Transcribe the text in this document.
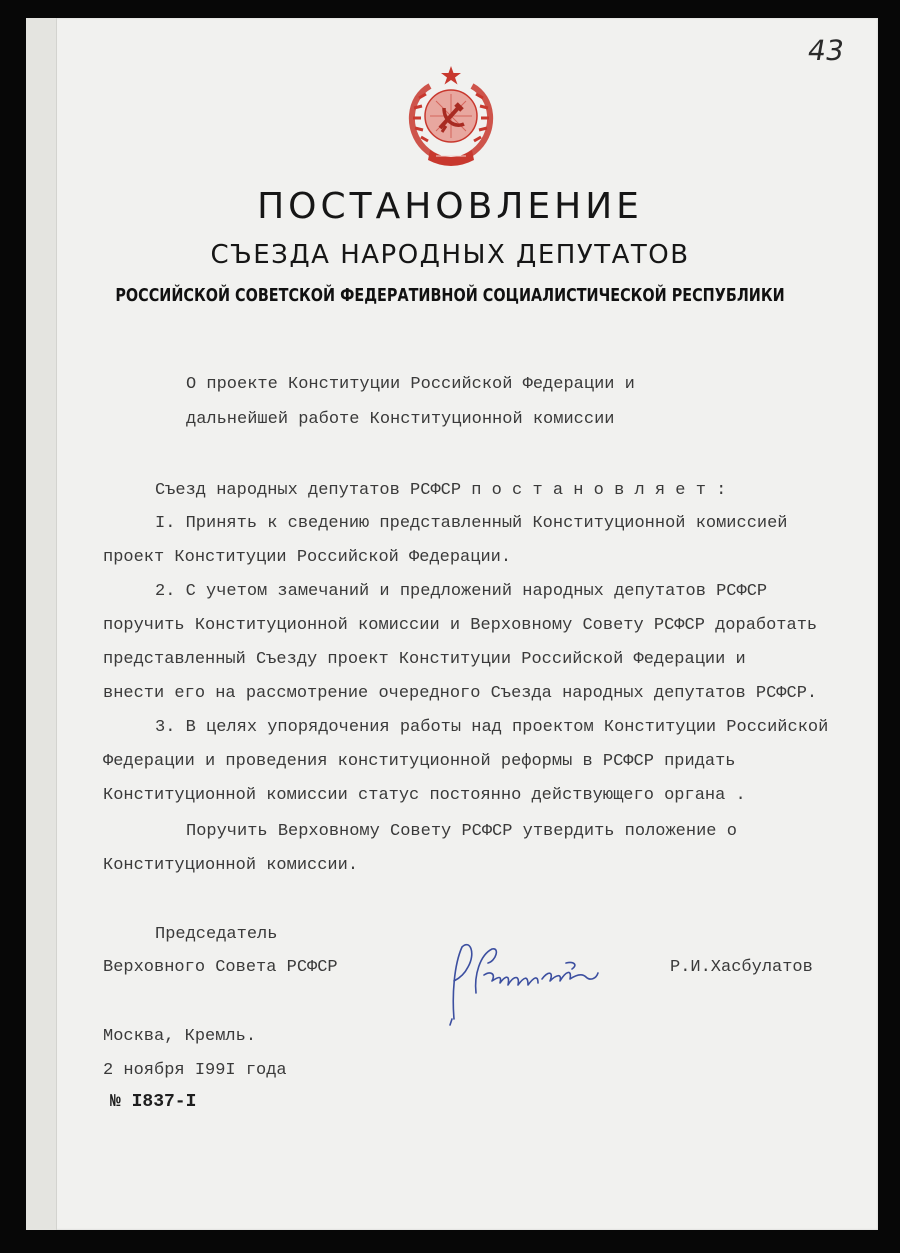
43
ПОСТАНОВЛЕНИЕ
СЪЕЗДА НАРОДНЫХ ДЕПУТАТОВ
РОССИЙСКОЙ СОВЕТСКОЙ ФЕДЕРАТИВНОЙ СОЦИАЛИСТИЧЕСКОЙ РЕСПУБЛИКИ
О проекте Конституции Российской Федерации и
дальнейшей работе Конституционной комиссии
Съезд народных депутатов РСФСР п о с т а н о в л я е т :
I. Принять к сведению представленный Конституционной комиссией
проект Конституции Российской Федерации.
2. С учетом замечаний и предложений народных депутатов РСФСР
поручить Конституционной комиссии и Верховному Совету РСФСР доработать
представленный Съезду проект Конституции Российской Федерации и
внести его на рассмотрение очередного Съезда народных депутатов РСФСР.
3. В целях упорядочения работы над проектом Конституции Российской
Федерации и проведения конституционной реформы в РСФСР придать
Конституционной комиссии статус постоянно действующего органа .
Поручить Верховному Совету РСФСР утвердить положение о
Конституционной комиссии.
Председатель
Верховного Совета РСФСР	Р.И.Хасбулатов
Москва, Кремль.
2 ноября I99I года
№ I837-I
